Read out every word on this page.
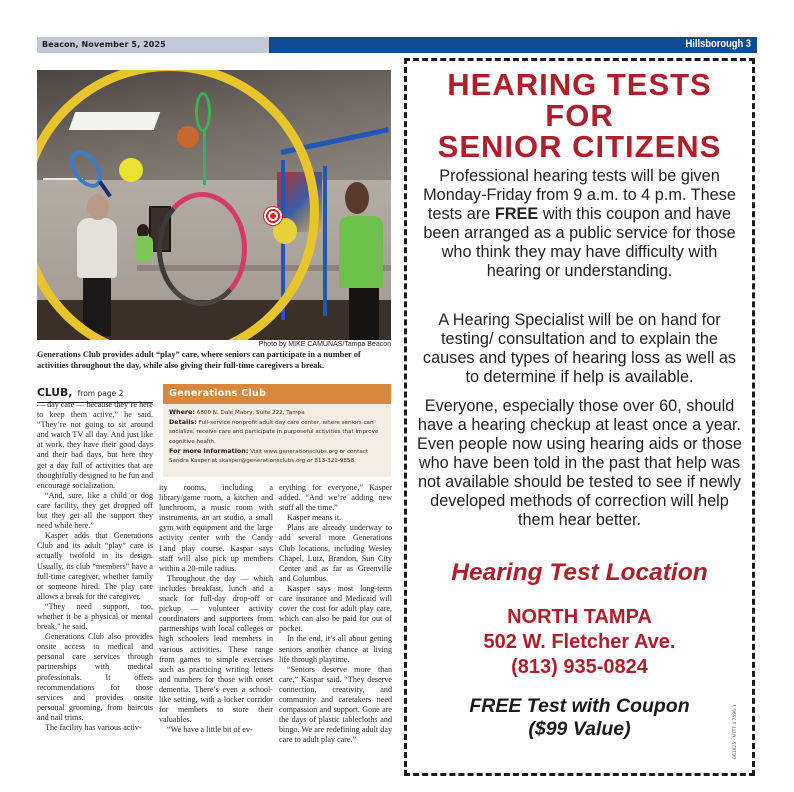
Beacon, November 5, 2025	Hillsborough 3
Photo by MIKE CAMUNAS/Tampa Beacon
Generations Club provides adult “play” care, where seniors can participate in a number of activities throughout the day, while also giving their full-time caregivers a break.
CLUB, from page 2	Generations Club
Where: 6800 N. Dale Mabry, Suite 222, Tampa
Details: Full-service nonprofit adult day care center, where seniors can socialize, receive care and participate in purposeful activities that improve cognitive health.
For more information: Visit www.generationsclubs.org or contact Sandra Kasper at skasper@generationsclubs.org or 813-321-9858.

— day care — because they’re here to keep them active,” he said. “They’re not going to sit around and watch TV all day. And just like at work, they have their good days and their bad days, but here they get a day full of activities that are thoughtfully designed to be fun and encourage socialization.

“And, sure, like a child or dog care facility, they get dropped off but they get all the support they need while here.”

Kasper adds that Generations Club and its adult “play” care is actually twofold in its design. Usually, its club “members” have a full-time caregiver, whether family or someone hired. The play care allows a break for the caregiver.

“They need support, too, whether it be a physical or mental break,” he said.

Generations Club also provides onsite access to medical and personal care services through partnerships with medical professionals. It offers recommendations for those services and provides onsite personal grooming, from haircuts and nail trims.

The facility has various activ-

ity rooms, including a library/game room, a kitchen and lunchroom, a music room with instruments, an art studio, a small gym with equipment and the large activity center with the Candy Land play course. Kaspar says staff will also pick up members within a 20-mile radius.

Throughout the day — which includes breakfast, lunch and a snack for full-day drop-off or pickup — volunteer activity coordinators and supporters from partnerships with local colleges or high schoolers lead members in various activities. These range from games to simple exercises such as practicing writing letters and numbers for those with onset dementia. There’s even a school-like setting, with a locker corridor for members to store their valuables.

“We have a little bit of ev-

erything for everyone,” Kasper added. “And we’re adding new stuff all the time.”

Kasper means it.

Plans are already underway to add several more Generations Club locations, including Wesley Chapel, Lutz, Brandon, Sun City Center and as far as Greenville and Columbus.

Kasper says most long-term care insurance and Medicaid will cover the cost for adult play care, which can also be paid for out of pocket.

In the end, it’s all about getting seniors another chance at living life through playtime.

“Seniors deserve more than care,” Kaspar said. “They deserve connection, creativity, and community and caretakers need compassion and support. Gone are the days of plastic tablecloths and bingo. We are redefining adult day care to adult play care.”

HEARING TESTS
FOR
SENIOR CITIZENS
Professional hearing tests will be given Monday-Friday from 9 a.m. to 4 p.m. These tests are FREE with this coupon and have been arranged as a public service for those who think they may have difficulty with hearing or understanding.
A Hearing Specialist will be on hand for testing/ consultation and to explain the causes and types of hearing loss as well as to determine if help is available.
Everyone, especially those over 60, should have a hearing checkup at least once a year. Even people now using hearing aids or those who have been told in the past that help was not available should be tested to see if newly developed methods of correction will help them hear better.
Hearing Test Location
NORTH TAMPA
502 W. Fletcher Ave.
(813) 935-0824
FREE Test with Coupon
($99 Value)	061825 · NTTT 4 7596-1
